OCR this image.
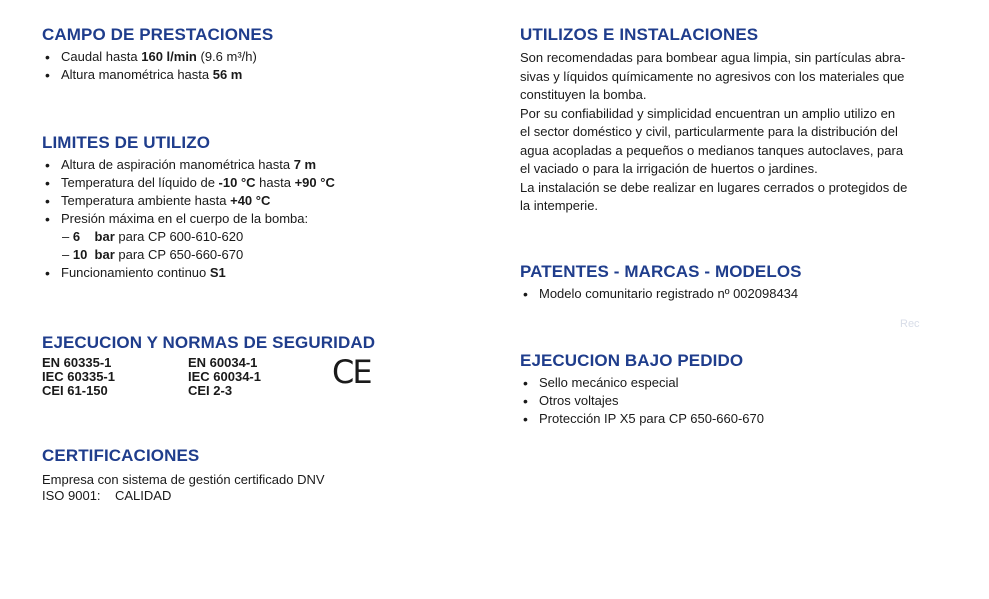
CAMPO DE PRESTACIONES
• Caudal hasta 160 l/min (9.6 m³/h)
• Altura manométrica hasta 56 m
LIMITES DE UTILIZO
• Altura de aspiración manométrica hasta 7 m
• Temperatura del líquido de -10 °C hasta +90 °C
• Temperatura ambiente hasta +40 °C
• Presión máxima en el cuerpo de la bomba:
– 6    bar para CP 600-610-620
– 10  bar para CP 650-660-670
• Funcionamiento continuo S1
EJECUCION Y NORMAS DE SEGURIDAD
EN 60335-1	EN 60034-1
IEC 60335-1	IEC 60034-1
CEI 61-150	CEI 2-3	CE
CERTIFICACIONES
Empresa con sistema de gestión certificado DNV
ISO 9001:    CALIDAD
UTILIZOS E INSTALACIONES
Son recomendadas para bombear agua limpia, sin partículas abra-
sivas y líquidos químicamente no agresivos con los materiales que
constituyen la bomba.
Por su confiabilidad y simplicidad encuentran un amplio utilizo en
el sector doméstico y civil, particularmente para la distribución del
agua acopladas a pequeños o medianos tanques autoclaves, para
el vaciado o para la irrigación de huertos o jardines.
La instalación se debe realizar en lugares cerrados o protegidos de
la intemperie.
PATENTES - MARCAS - MODELOS
• Modelo comunitario registrado nº 002098434
EJECUCION BAJO PEDIDO
• Sello mecánico especial
• Otros voltajes
• Protección IP X5 para CP 650-660-670
Rec
